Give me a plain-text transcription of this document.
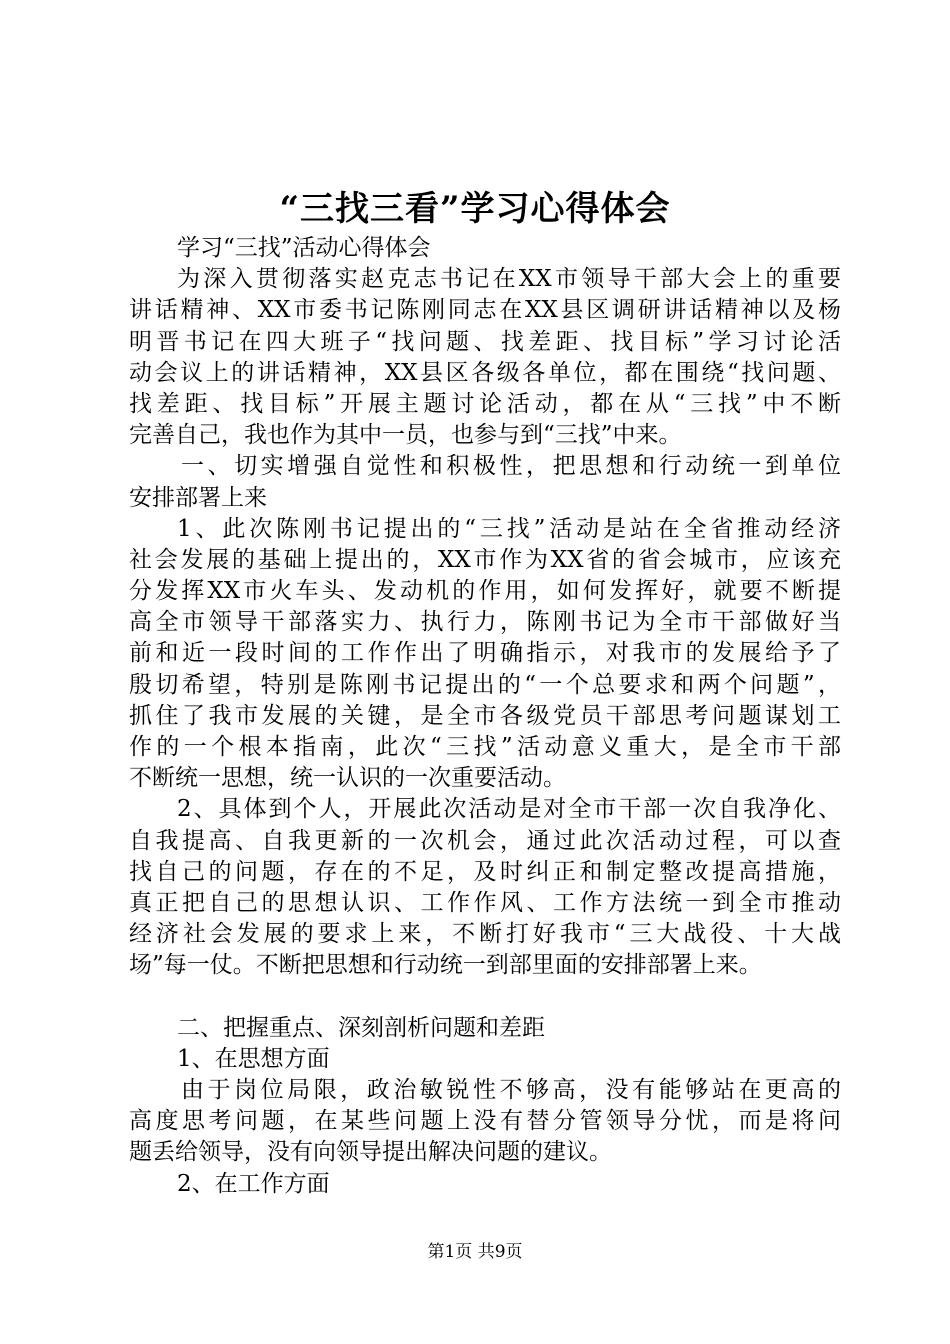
“三找三看”学习心得体会
学习“三找”活动心得体会
为深入贯彻落实赵克志书记在XX市领导干部大会上的重要
讲话精神、XX市委书记陈刚同志在XX县区调研讲话精神以及杨
明晋书记在四大班子“找问题、找差距、找目标”学习讨论活
动会议上的讲话精神，XX县区各级各单位，都在围绕“找问题、
找差距、找目标”开展主题讨论活动，都在从“三找”中不断
完善自己，我也作为其中一员，也参与到“三找”中来。
一、切实增强自觉性和积极性，把思想和行动统一到单位
安排部署上来
1、此次陈刚书记提出的“三找”活动是站在全省推动经济
社会发展的基础上提出的，XX市作为XX省的省会城市，应该充
分发挥XX市火车头、发动机的作用，如何发挥好，就要不断提
高全市领导干部落实力、执行力，陈刚书记为全市干部做好当
前和近一段时间的工作作出了明确指示，对我市的发展给予了
殷切希望，特别是陈刚书记提出的“一个总要求和两个问题”，
抓住了我市发展的关键，是全市各级党员干部思考问题谋划工
作的一个根本指南，此次“三找”活动意义重大，是全市干部
不断统一思想，统一认识的一次重要活动。
2、具体到个人，开展此次活动是对全市干部一次自我净化、
自我提高、自我更新的一次机会，通过此次活动过程，可以查
找自己的问题，存在的不足，及时纠正和制定整改提高措施，
真正把自己的思想认识、工作作风、工作方法统一到全市推动
经济社会发展的要求上来，不断打好我市“三大战役、十大战
场”每一仗。不断把思想和行动统一到部里面的安排部署上来。
二、把握重点、深刻剖析问题和差距
1、在思想方面
由于岗位局限，政治敏锐性不够高，没有能够站在更高的
高度思考问题，在某些问题上没有替分管领导分忧，而是将问
题丢给领导，没有向领导提出解决问题的建议。
2、在工作方面
第1页 共9页
